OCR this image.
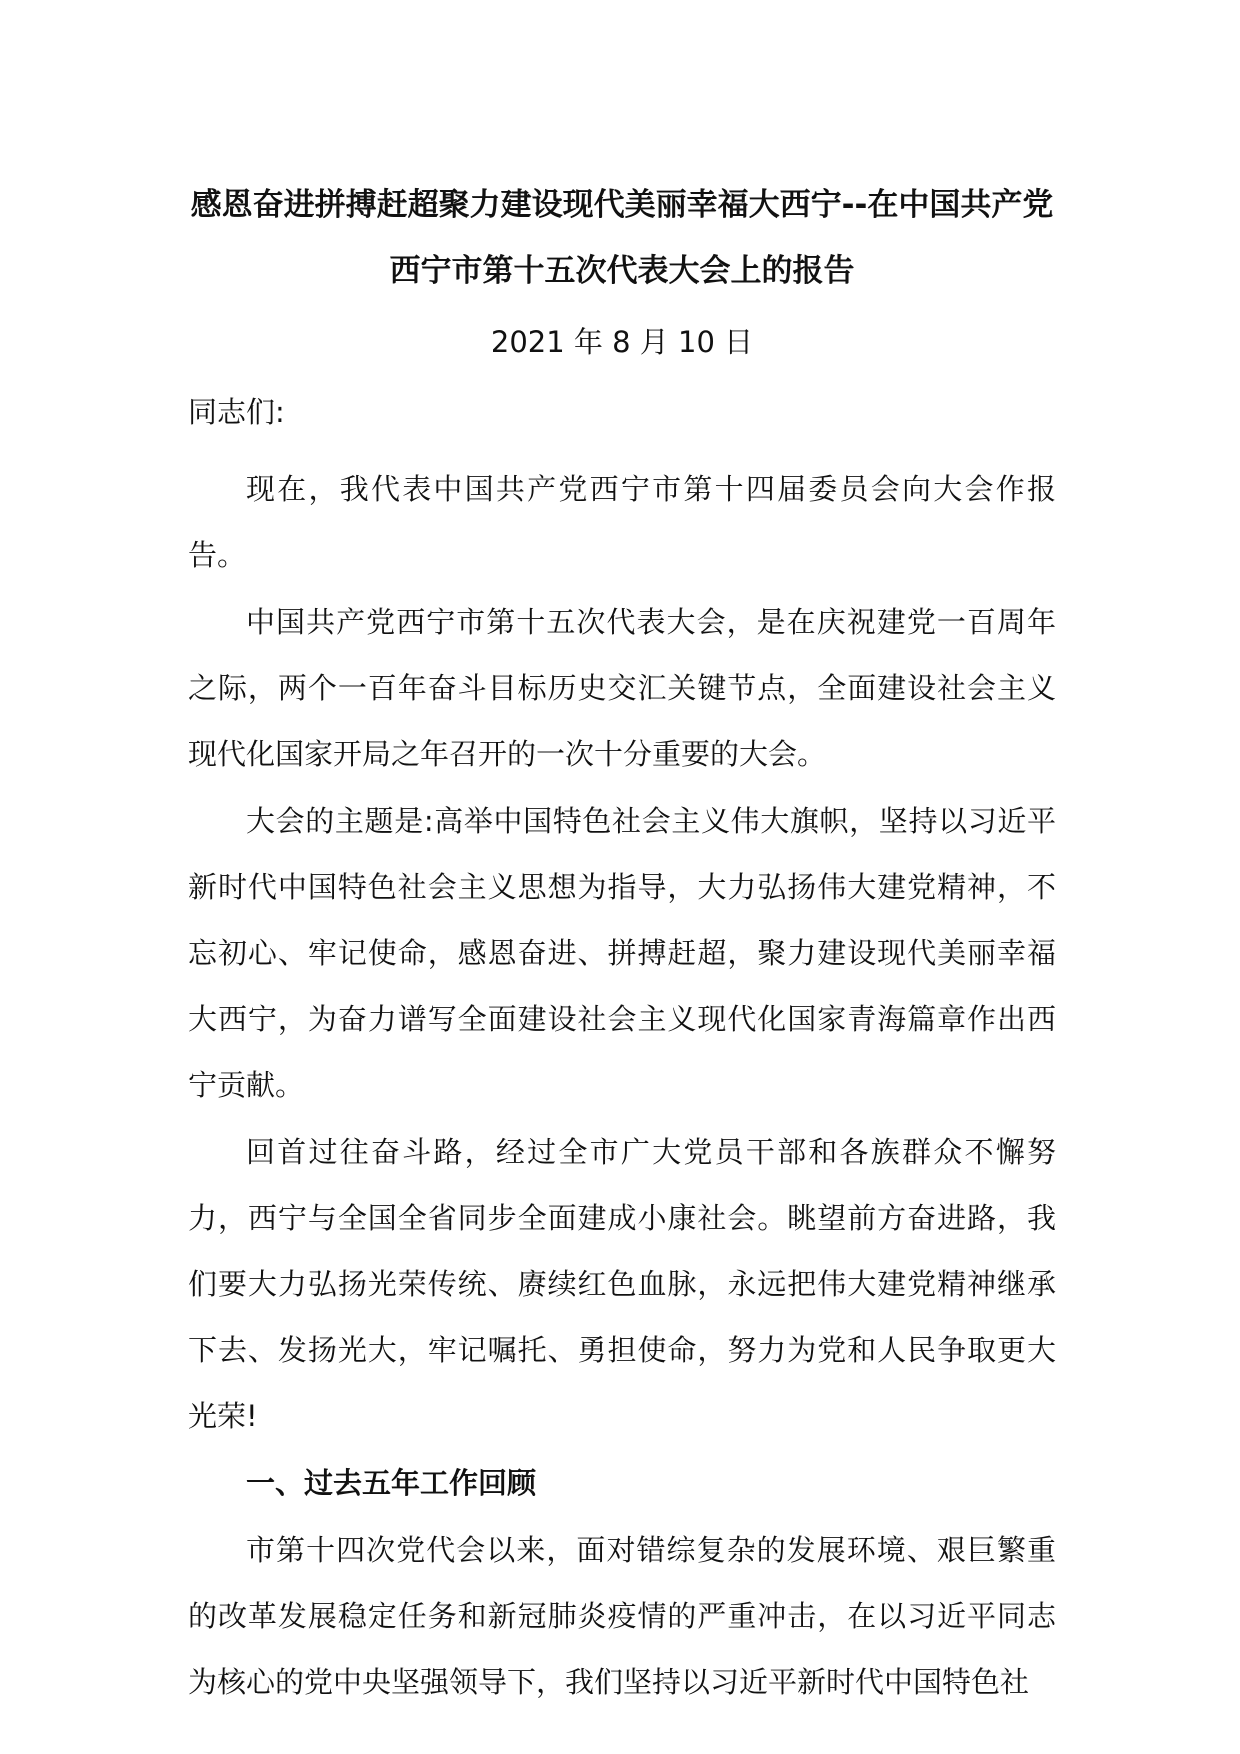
感恩奋进拼搏赶超聚力建设现代美丽幸福大西宁--在中国共产党西宁市第十五次代表大会上的报告
2021 年 8 月 10 日
同志们:

现在，我代表中国共产党西宁市第十四届委员会向大会作报告。

中国共产党西宁市第十五次代表大会，是在庆祝建党一百周年之际，两个一百年奋斗目标历史交汇关键节点，全面建设社会主义现代化国家开局之年召开的一次十分重要的大会。

大会的主题是:高举中国特色社会主义伟大旗帜，坚持以习近平新时代中国特色社会主义思想为指导，大力弘扬伟大建党精神，不忘初心、牢记使命，感恩奋进、拼搏赶超，聚力建设现代美丽幸福大西宁，为奋力谱写全面建设社会主义现代化国家青海篇章作出西宁贡献。

回首过往奋斗路，经过全市广大党员干部和各族群众不懈努力，西宁与全国全省同步全面建成小康社会。眺望前方奋进路，我们要大力弘扬光荣传统、赓续红色血脉，永远把伟大建党精神继承下去、发扬光大，牢记嘱托、勇担使命，努力为党和人民争取更大光荣!

一、过去五年工作回顾

市第十四次党代会以来，面对错综复杂的发展环境、艰巨繁重的改革发展稳定任务和新冠肺炎疫情的严重冲击，在以习近平同志为核心的党中央坚强领导下，我们坚持以习近平新时代中国特色社
